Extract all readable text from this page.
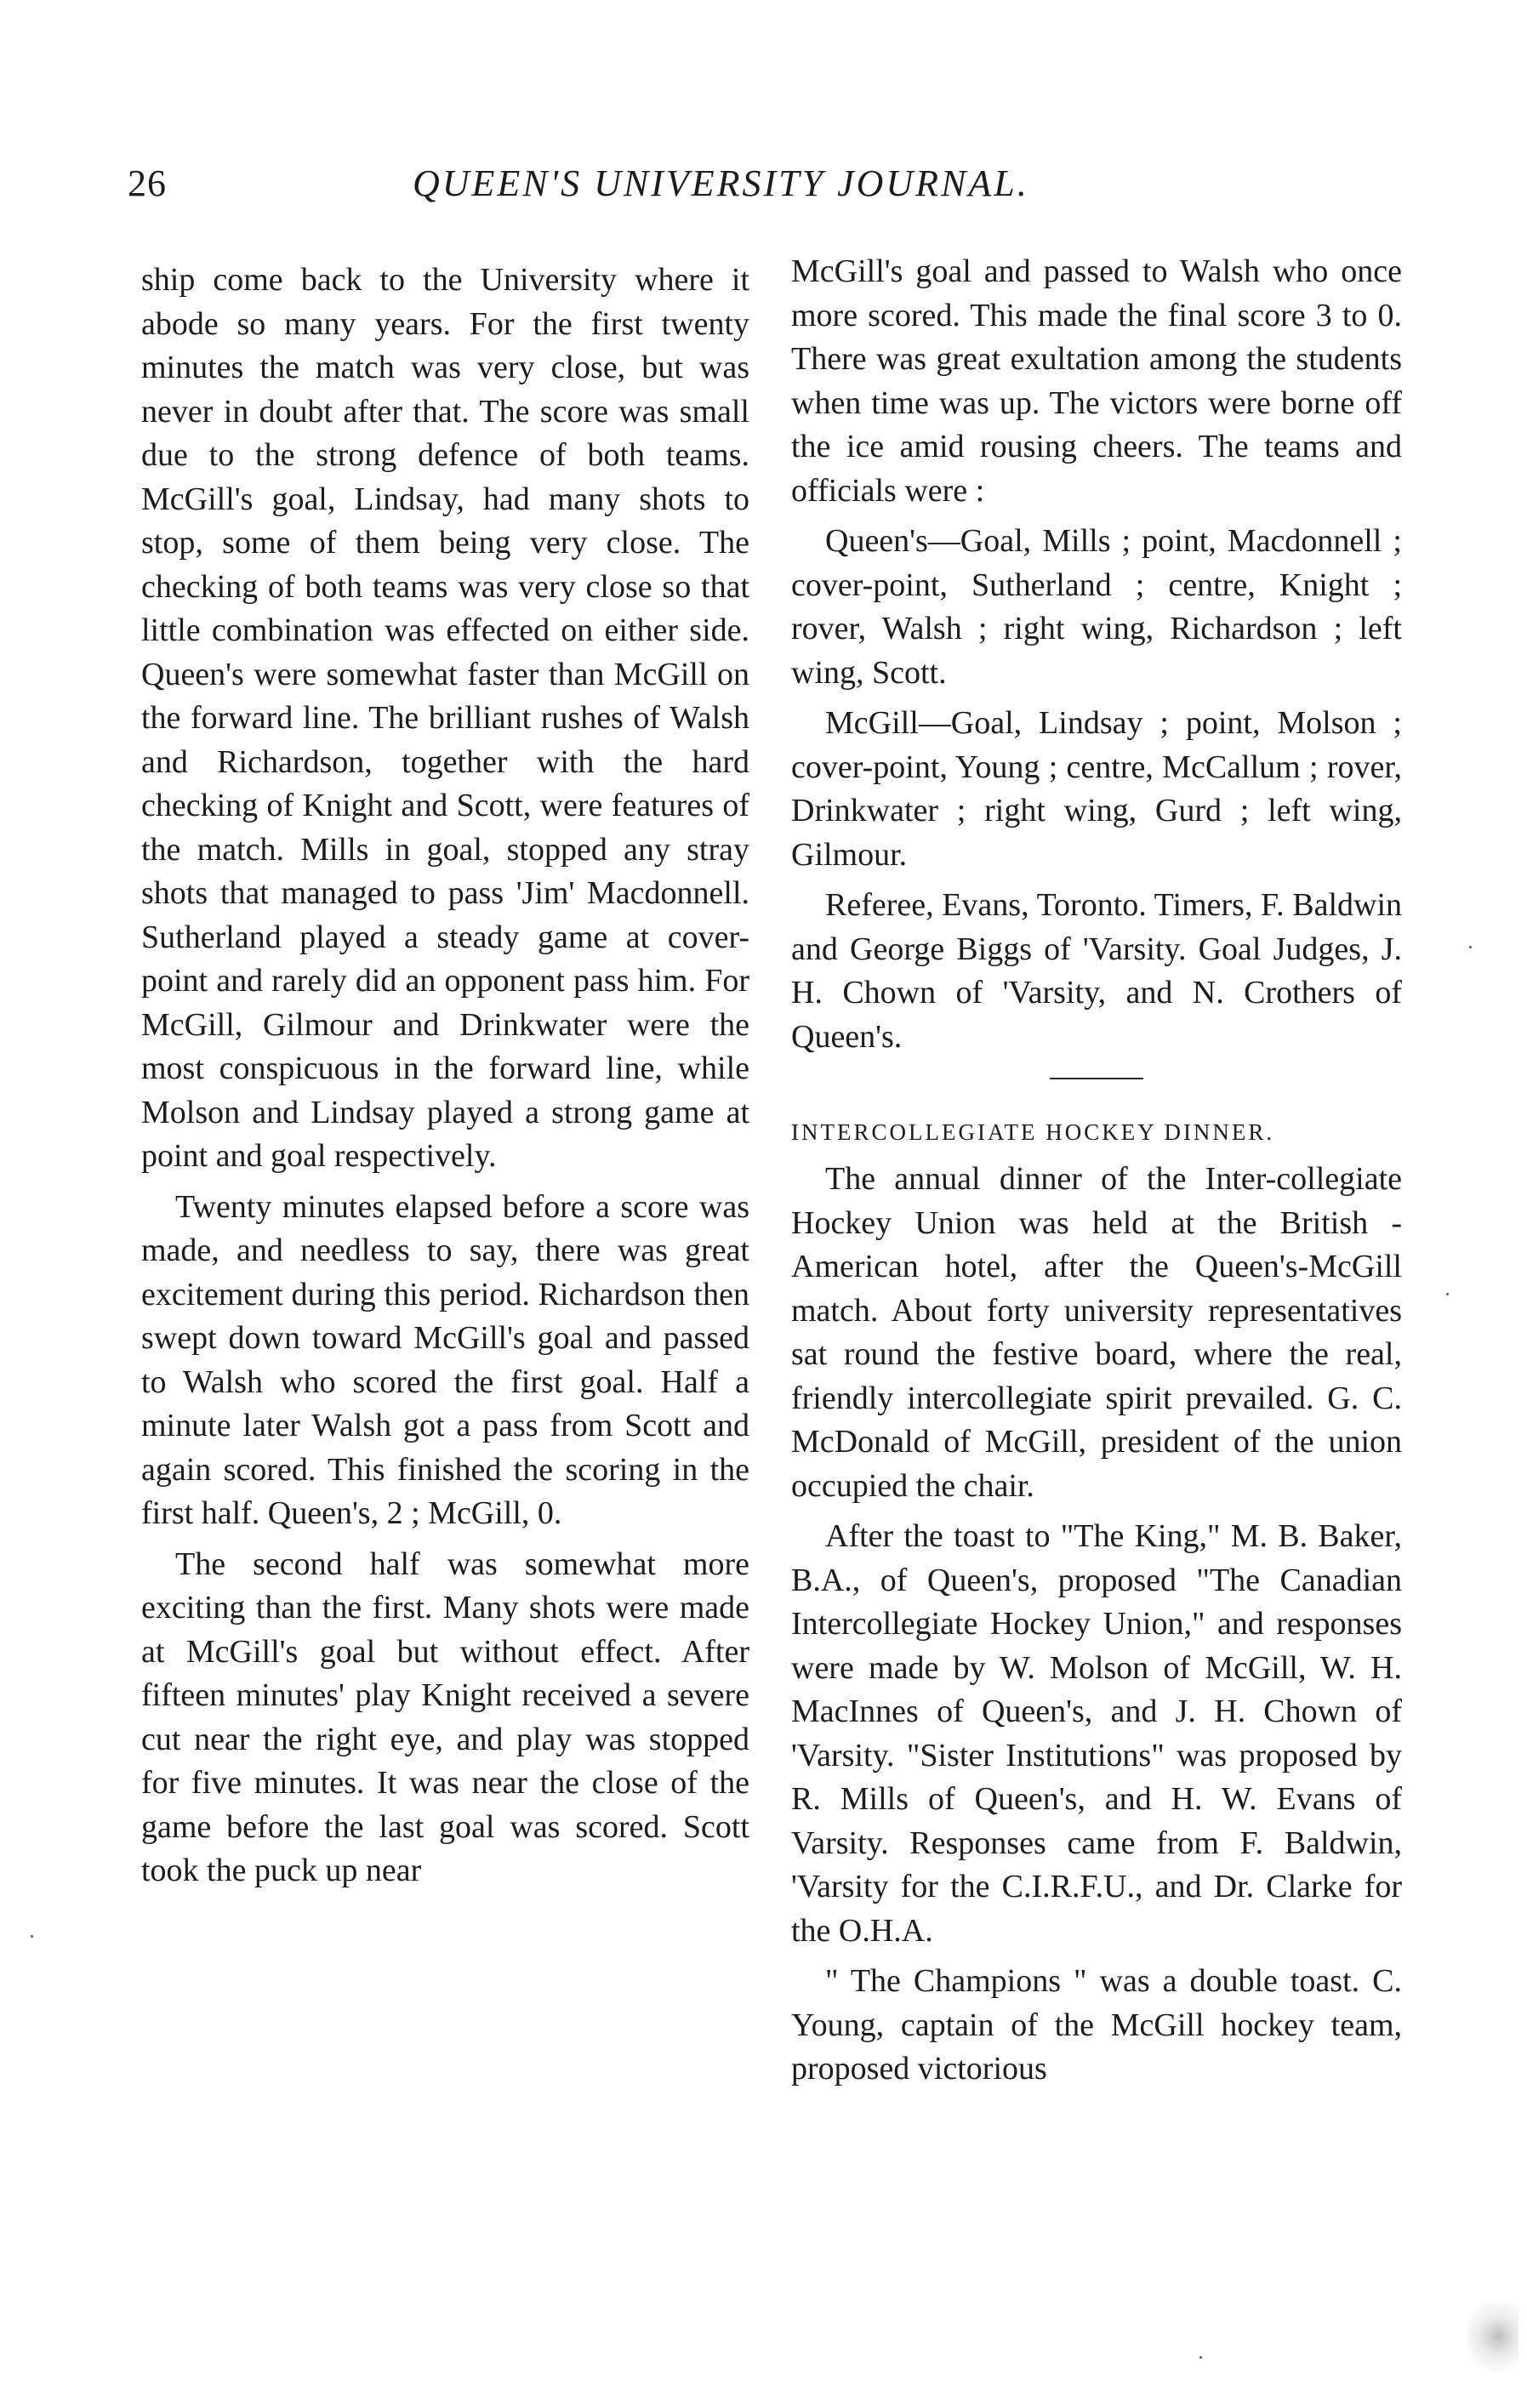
26	QUEEN'S UNIVERSITY JOURNAL.

ship come back to the University where it abode so many years. For the first twenty minutes the match was very close, but was never in doubt after that. The score was small due to the strong defence of both teams. McGill's goal, Lindsay, had many shots to stop, some of them being very close. The checking of both teams was very close so that little combination was effected on either side. Queen's were somewhat faster than McGill on the forward line. The brilliant rushes of Walsh and Richardson, together with the hard checking of Knight and Scott, were features of the match. Mills in goal, stopped any stray shots that managed to pass 'Jim' Macdonnell. Sutherland played a steady game at cover-point and rarely did an opponent pass him. For McGill, Gilmour and Drinkwater were the most conspicuous in the forward line, while Molson and Lindsay played a strong game at point and goal respectively.

Twenty minutes elapsed before a score was made, and needless to say, there was great excitement during this period. Richardson then swept down toward McGill's goal and passed to Walsh who scored the first goal. Half a minute later Walsh got a pass from Scott and again scored. This finished the scoring in the first half. Queen's, 2 ; McGill, 0.

The second half was somewhat more exciting than the first. Many shots were made at McGill's goal but without effect. After fifteen minutes' play Knight received a severe cut near the right eye, and play was stopped for five minutes. It was near the close of the game before the last goal was scored. Scott took the puck up near

McGill's goal and passed to Walsh who once more scored. This made the final score 3 to 0. There was great exultation among the students when time was up. The victors were borne off the ice amid rousing cheers. The teams and officials were :

Queen's—Goal, Mills ; point, Macdonnell ; cover-point, Sutherland ; centre, Knight ; rover, Walsh ; right wing, Richardson ; left wing, Scott.

McGill—Goal, Lindsay ; point, Molson ; cover-point, Young ; centre, McCallum ; rover, Drinkwater ; right wing, Gurd ; left wing, Gilmour.

Referee, Evans, Toronto. Timers, F. Baldwin and George Biggs of 'Varsity. Goal Judges, J. H. Chown of 'Varsity, and N. Crothers of Queen's.

INTERCOLLEGIATE HOCKEY DINNER.

The annual dinner of the Inter-collegiate Hockey Union was held at the British - American hotel, after the Queen's-McGill match. About forty university representatives sat round the festive board, where the real, friendly intercollegiate spirit prevailed. G. C. McDonald of McGill, president of the union occupied the chair.

After the toast to "The King," M. B. Baker, B.A., of Queen's, proposed "The Canadian Intercollegiate Hockey Union," and responses were made by W. Molson of McGill, W. H. MacInnes of Queen's, and J. H. Chown of 'Varsity. "Sister Institutions" was proposed by R. Mills of Queen's, and H. W. Evans of Varsity. Responses came from F. Baldwin, 'Varsity for the C.I.R.F.U., and Dr. Clarke for the O.H.A.

" The Champions " was a double toast. C. Young, captain of the McGill hockey team, proposed victorious
